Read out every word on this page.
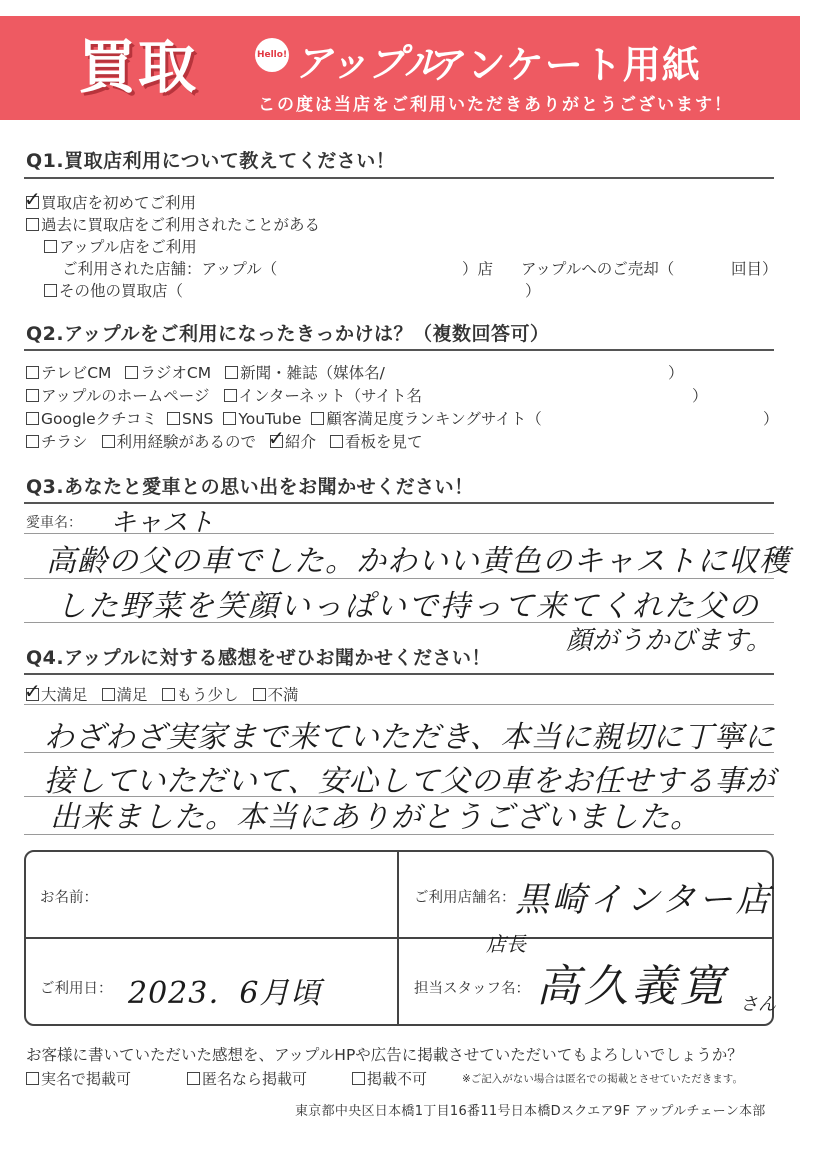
買取	Hello! アップル
アンケート用紙
この度は当店をご利用いただきありがとうございます！
Q1.買取店利用について教えてください！
✓買取店を初めてご利用
過去に買取店をご利用されたことがある
アップル店をご利用
ご利用された店舗：アップル（	）店 アップルへのご売却（	回目）
その他の買取店（	）
Q2.アップルをご利用になったきっかけは？（複数回答可）
テレビCM ラジオCM 新聞・雑誌（媒体名/	）
アップルのホームページ インターネット（サイト名	）
Googleクチコミ SNS YouTube 顧客満足度ランキングサイト（	）
チラシ 利用経験があるので✓ 紹介 看板を見て
Q3.あなたと愛車との思い出をお聞かせください！
愛車名： キャスト
高齢の父の車でした。かわいい黄色のキャストに収穫
した野菜を笑顔いっぱいで持って来てくれた父の
顔がうかびます。
Q4.アップルに対する感想をぜひお聞かせください！
✓大満足 満足 もう少し 不満
わざわざ実家まで来ていただき、本当に親切に丁寧に
接していただいて、安心して父の車をお任せする事が
出来ました。本当にありがとうございました。
お名前：	ご利用店舗名： 黒崎インター店
ご利用日： 2023．6月頃	担当スタッフ名：
店長
高久義寛 さん
お客様に書いていただいた感想を、アップルHPや広告に掲載させていただいてもよろしいでしょうか？
実名で掲載可	匿名なら掲載可	掲載不可	※ご記入がない場合は匿名での掲載とさせていただきます。
東京都中央区日本橋1丁目16番11号日本橋Dスクエア9F アップルチェーン本部
